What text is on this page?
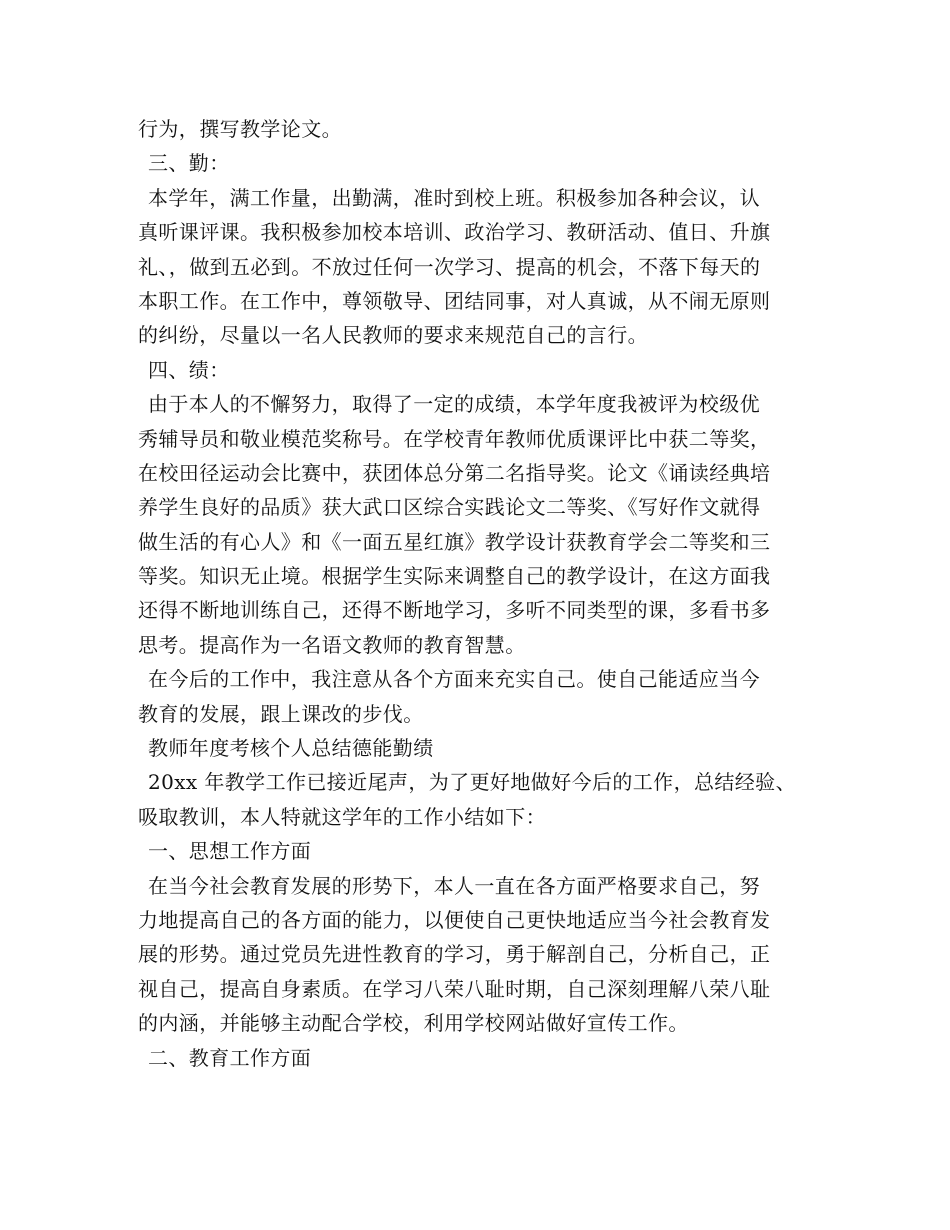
行为，撰写教学论文。
三、勤：
本学年，满工作量，出勤满，准时到校上班。积极参加各种会议，认
真听课评课。我积极参加校本培训、政治学习、教研活动、值日、升旗
礼、，做到五必到。不放过任何一次学习、提高的机会，不落下每天的
本职工作。在工作中，尊领敬导、团结同事，对人真诚，从不闹无原则
的纠纷，尽量以一名人民教师的要求来规范自己的言行。
四、绩：
由于本人的不懈努力，取得了一定的成绩，本学年度我被评为校级优
秀辅导员和敬业模范奖称号。在学校青年教师优质课评比中获二等奖，
在校田径运动会比赛中，获团体总分第二名指导奖。论文《诵读经典培
养学生良好的品质》获大武口区综合实践论文二等奖、《写好作文就得
做生活的有心人》和《一面五星红旗》教学设计获教育学会二等奖和三
等奖。知识无止境。根据学生实际来调整自己的教学设计，在这方面我
还得不断地训练自己，还得不断地学习，多听不同类型的课，多看书多
思考。提高作为一名语文教师的教育智慧。
在今后的工作中，我注意从各个方面来充实自己。使自己能适应当今
教育的发展，跟上课改的步伐。
教师年度考核个人总结德能勤绩
20xx 年教学工作已接近尾声，为了更好地做好今后的工作，总结经验、
吸取教训，本人特就这学年的工作小结如下：
一、思想工作方面
在当今社会教育发展的形势下，本人一直在各方面严格要求自己，努
力地提高自己的各方面的能力，以便使自己更快地适应当今社会教育发
展的形势。通过党员先进性教育的学习，勇于解剖自己，分析自己，正
视自己，提高自身素质。在学习八荣八耻时期，自己深刻理解八荣八耻
的内涵，并能够主动配合学校，利用学校网站做好宣传工作。
二、教育工作方面
